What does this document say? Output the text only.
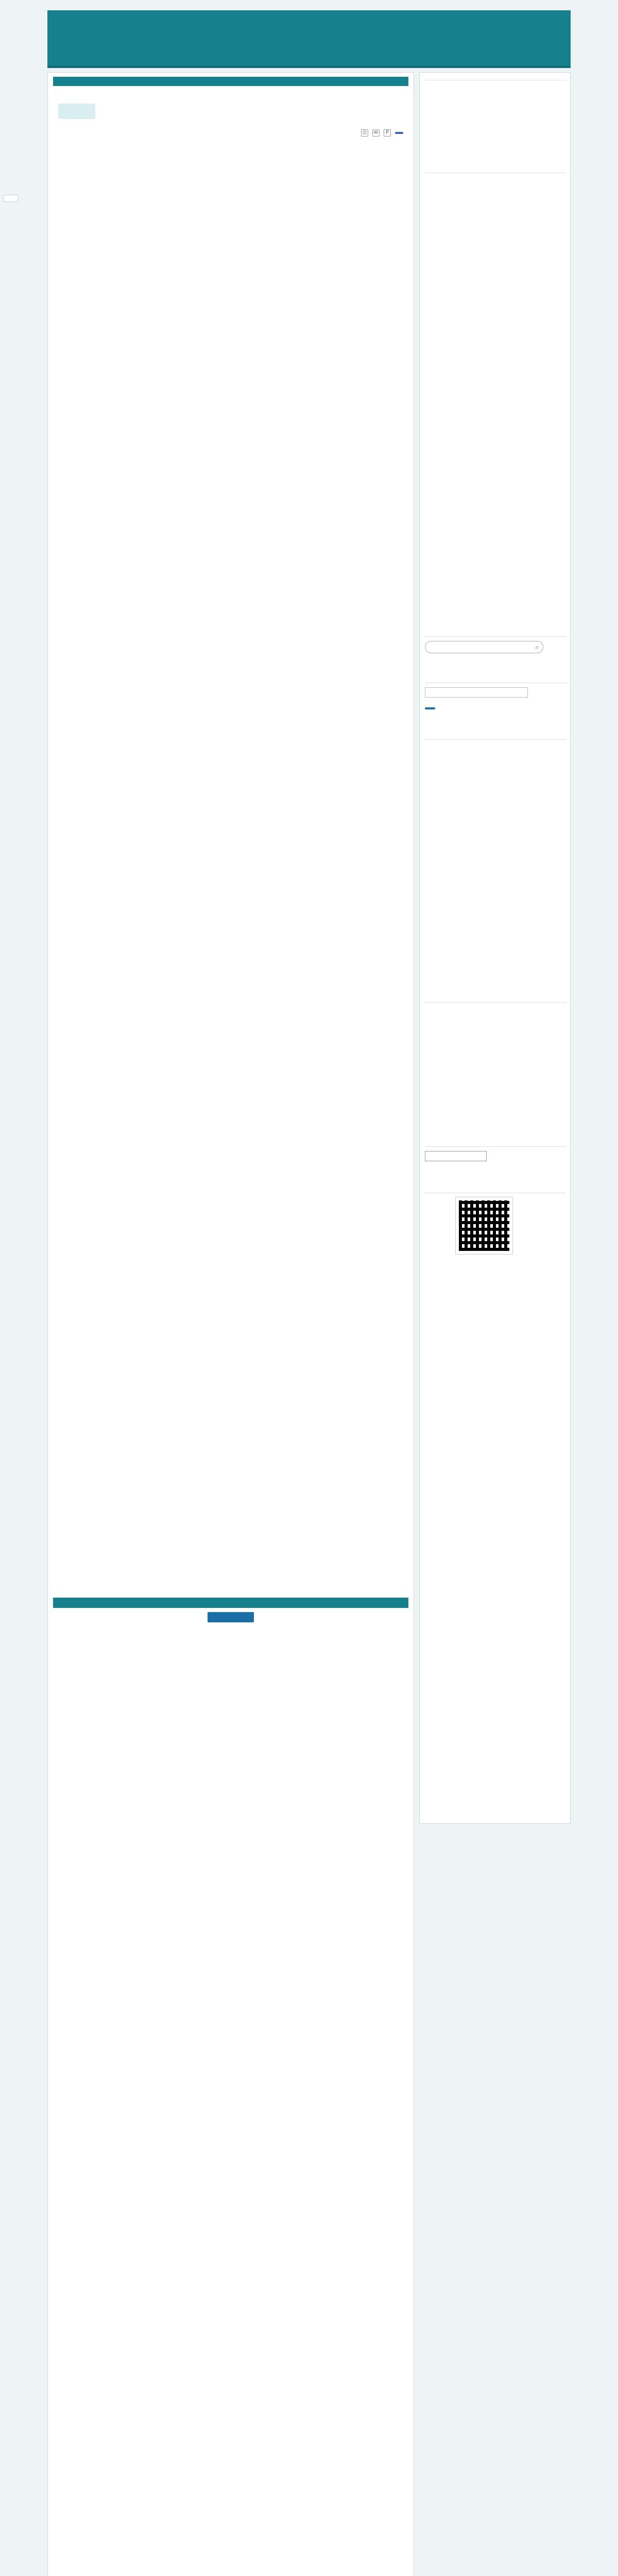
⎙	✉	P
⌕
